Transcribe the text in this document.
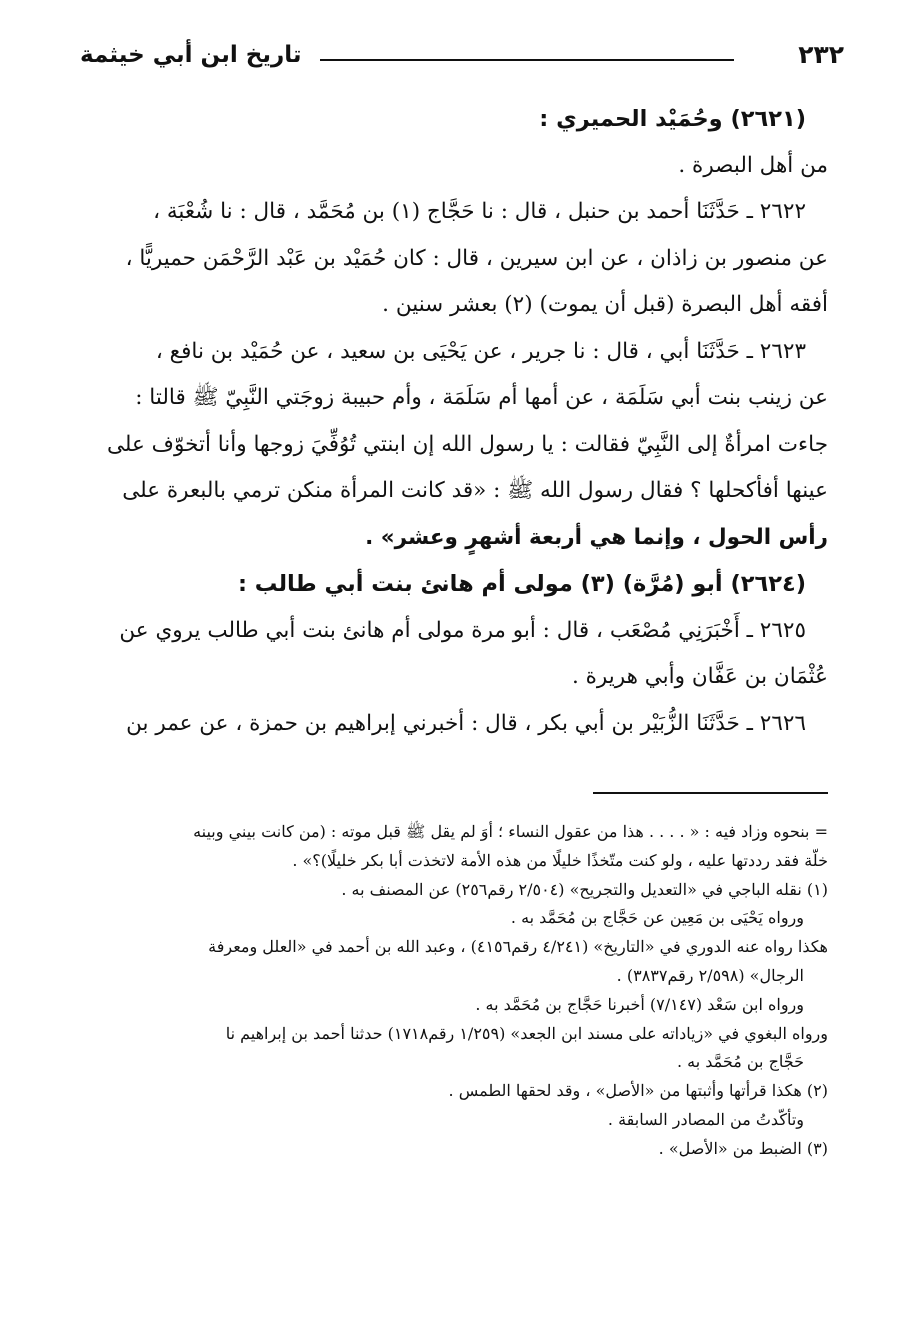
٢٣٢
تاريخ ابن أبي خيثمة
(٢٦٢١) وحُمَيْد الحميري :
من أهل البصرة .
٢٦٢٢ ـ حَدَّثَنَا أحمد بن حنبل ، قال : نا حَجَّاج (١) بن مُحَمَّد ، قال : نا شُعْبَة ،
عن منصور بن زاذان ، عن ابن سيرين ، قال : كان حُمَيْد بن عَبْد الرَّحْمَن حميريًّا ،
أفقه أهل البصرة (قبل أن يموت) (٢) بعشر سنين .
٢٦٢٣ ـ حَدَّثَنَا أبي ، قال : نا جرير ، عن يَحْيَى بن سعيد ، عن حُمَيْد بن نافع ،
عن زينب بنت أبي سَلَمَة ، عن أمها أم سَلَمَة ، وأم حبيبة زوجَتي النَّبِيّ ﷺ قالتا :
جاءت امرأةٌ إلى النَّبِيّ فقالت : يا رسول الله إن ابنتي تُوُفِّيَ زوجها وأنا أتخوّف على
عينها أفأكحلها ؟ فقال رسول الله ﷺ : «قد كانت المرأة منكن ترمي بالبعرة على
رأس الحول ، وإنما هي أربعة أشهرٍ وعشر» .
(٢٦٢٤) أبو (مُرَّة) (٣) مولى أم هانئ بنت أبي طالب :
٢٦٢٥ ـ أَخْبَرَنِي مُصْعَب ، قال : أبو مرة مولى أم هانئ بنت أبي طالب يروي عن
عُثْمَان بن عَفَّان وأبي هريرة .
٢٦٢٦ ـ حَدَّثَنَا الزُّبَيْر بن أبي بكر ، قال : أخبرني إبراهيم بن حمزة ، عن عمر بن
= بنحوه وزاد فيه : « . . . . هذا من عقول النساء ؛ أوَ لم يقل ﷺ قبل موته : (من كانت بيني وبينه
خلّة فقد رددتها عليه ، ولو كنت متّخذًا خليلًا من هذه الأمة لاتخذت أبا بكر خليلًا)؟» .
(١) نقله الباجي في «التعديل والتجريح» (٢/٥٠٤ رقم٢٥٦) عن المصنف به .
ورواه يَحْيَى بن مَعِين عن حَجَّاج بن مُحَمَّد به .
هكذا رواه عنه الدوري في «التاريخ» (٤/٢٤١ رقم٤١٥٦) ، وعبد الله بن أحمد في «العلل ومعرفة
الرجال» (٢/٥٩٨ رقم٣٨٣٧) .
ورواه ابن سَعْد (٧/١٤٧) أخبرنا حَجَّاج بن مُحَمَّد به .
ورواه البغوي في «زياداته على مسند ابن الجعد» (١/٢٥٩ رقم١٧١٨) حدثنا أحمد بن إبراهيم نا
حَجَّاج بن مُحَمَّد به .
(٢) هكذا قرأتها وأثبتها من «الأصل» ، وقد لحقها الطمس .
وتأكّدتُ من المصادر السابقة .
(٣) الضبط من «الأصل» .
